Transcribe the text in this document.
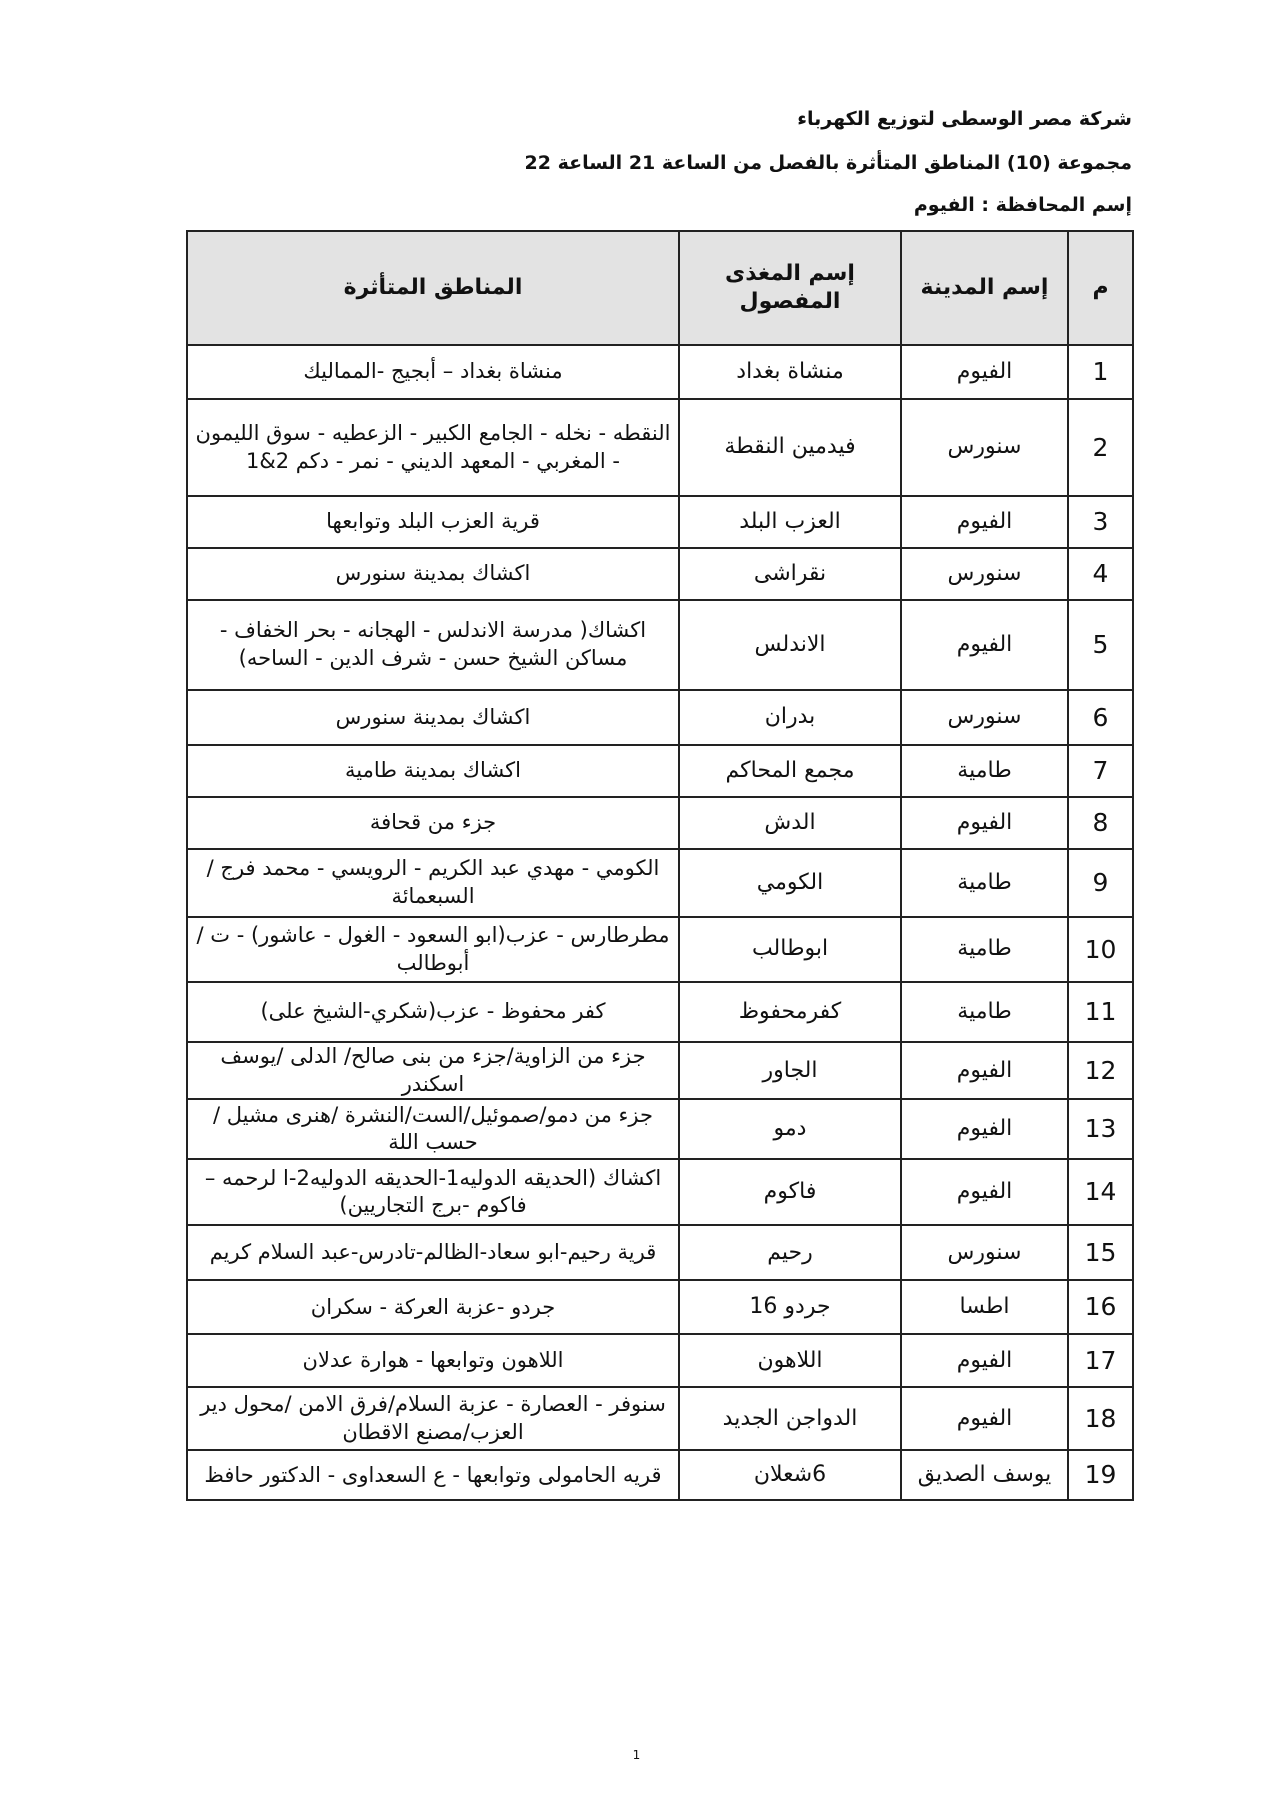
شركة مصر الوسطى لتوزيع الكهرباء
مجموعة (10) المناطق المتأثرة بالفصل من الساعة 21 الساعة 22
إسم المحافظة : الفيوم
م	إسم المدينة	إسم المغذى المفصول	المناطق المتأثرة
1	الفيوم	منشاة بغداد	منشاة بغداد – أبجيج -المماليك
2	سنورس	فيدمين النقطة	النقطه - نخله - الجامع الكبير - الزعطيه - سوق الليمون - المغربي - المعهد الديني - نمر - دكم 2&1
3	الفيوم	العزب البلد	قرية العزب البلد وتوابعها
4	سنورس	نقراشى	اكشاك بمدينة سنورس
5	الفيوم	الاندلس	اكشاك( مدرسة الاندلس - الهجانه - بحر الخفاف - مساكن الشيخ حسن - شرف الدين - الساحه)
6	سنورس	بدران	اكشاك بمدينة سنورس
7	طامية	مجمع المحاكم	اكشاك بمدينة طامية
8	الفيوم	الدش	جزء من قحافة
9	طامية	الكومي	الكومي - مهدي عبد الكريم - الرويسي - محمد فرج / السبعمائة
10	طامية	ابوطالب	مطرطارس - عزب(ابو السعود - الغول - عاشور) - ت / أبوطالب
11	طامية	كفرمحفوظ	كفر محفوظ - عزب(شكري-الشيخ على)
12	الفيوم	الجاور	جزء من الزاوية/جزء من بنى صالح/ الدلى /يوسف اسكندر
13	الفيوم	دمو	جزء من دمو/صموئيل/الست/النشرة /هنرى مشيل /حسب اللة
14	الفيوم	فاكوم	اكشاك (الحديقه الدوليه1-الحديقه الدوليه2-ا لرحمه –فاكوم -برج التجاريين)
15	سنورس	رحيم	قرية رحيم-ابو سعاد-الظالم-تادرس-عبد السلام كريم
16	اطسا	جردو 16	جردو -عزبة العركة - سكران
17	الفيوم	اللاهون	اللاهون وتوابعها - هوارة عدلان
18	الفيوم	الدواجن الجديد	سنوفر - العصارة - عزبة السلام/فرق الامن /محول دير العزب/مصنع الاقطان
19	يوسف الصديق	6شعلان	قريه الحامولى وتوابعها - ع السعداوى - الدكتور حافظ
1
